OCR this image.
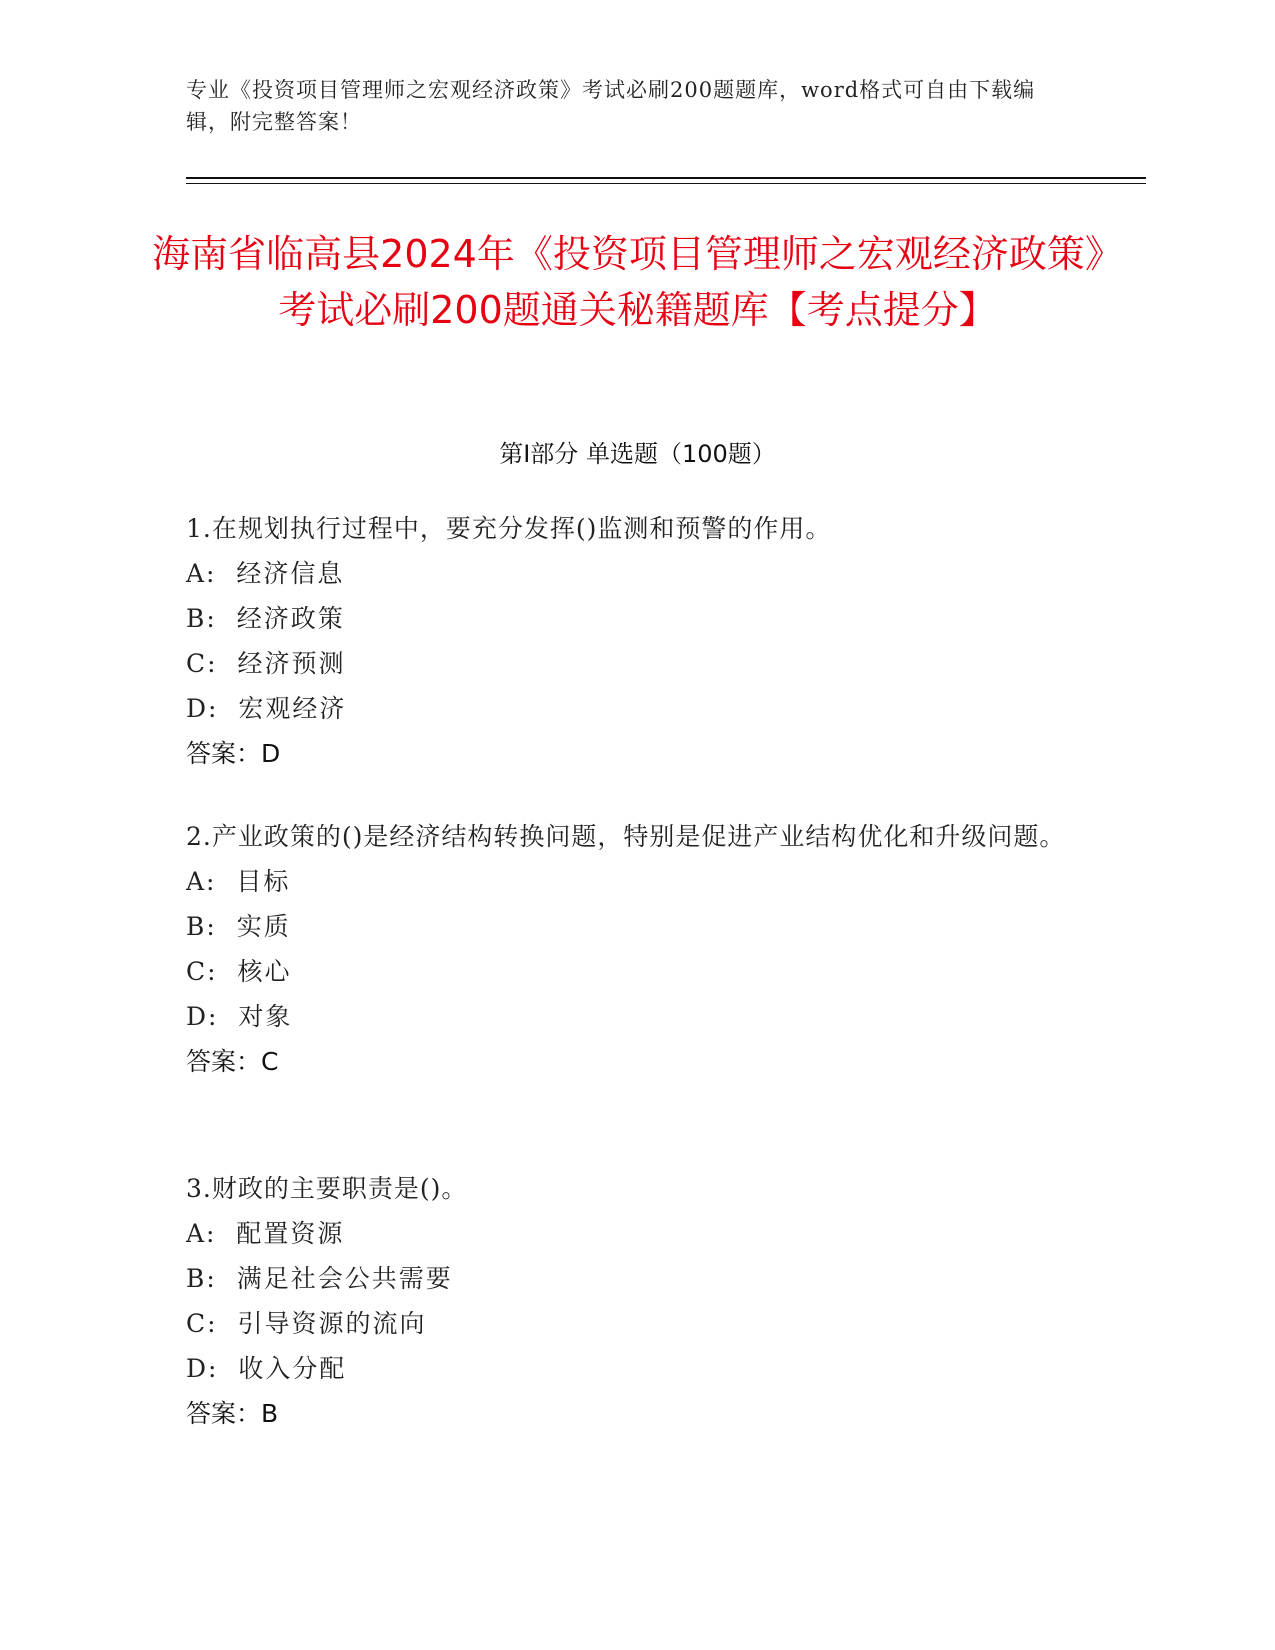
专业《投资项目管理师之宏观经济政策》考试必刷200题题库，word格式可自由下载编辑，附完整答案！
海南省临高县2024年《投资项目管理师之宏观经济政策》考试必刷200题通关秘籍题库【考点提分】
第Ⅰ部分 单选题（100题）

1.在规划执行过程中，要充分发挥()监测和预警的作用。

A:  经济信息
B:  经济政策
C:  经济预测
D:  宏观经济
答案：D

2.产业政策的()是经济结构转换问题，特别是促进产业结构优化和升级问题。

A:  目标
B:  实质
C:  核心
D:  对象
答案：C

3.财政的主要职责是()。

A:  配置资源
B:  满足社会公共需要
C:  引导资源的流向
D:  收入分配
答案：B
